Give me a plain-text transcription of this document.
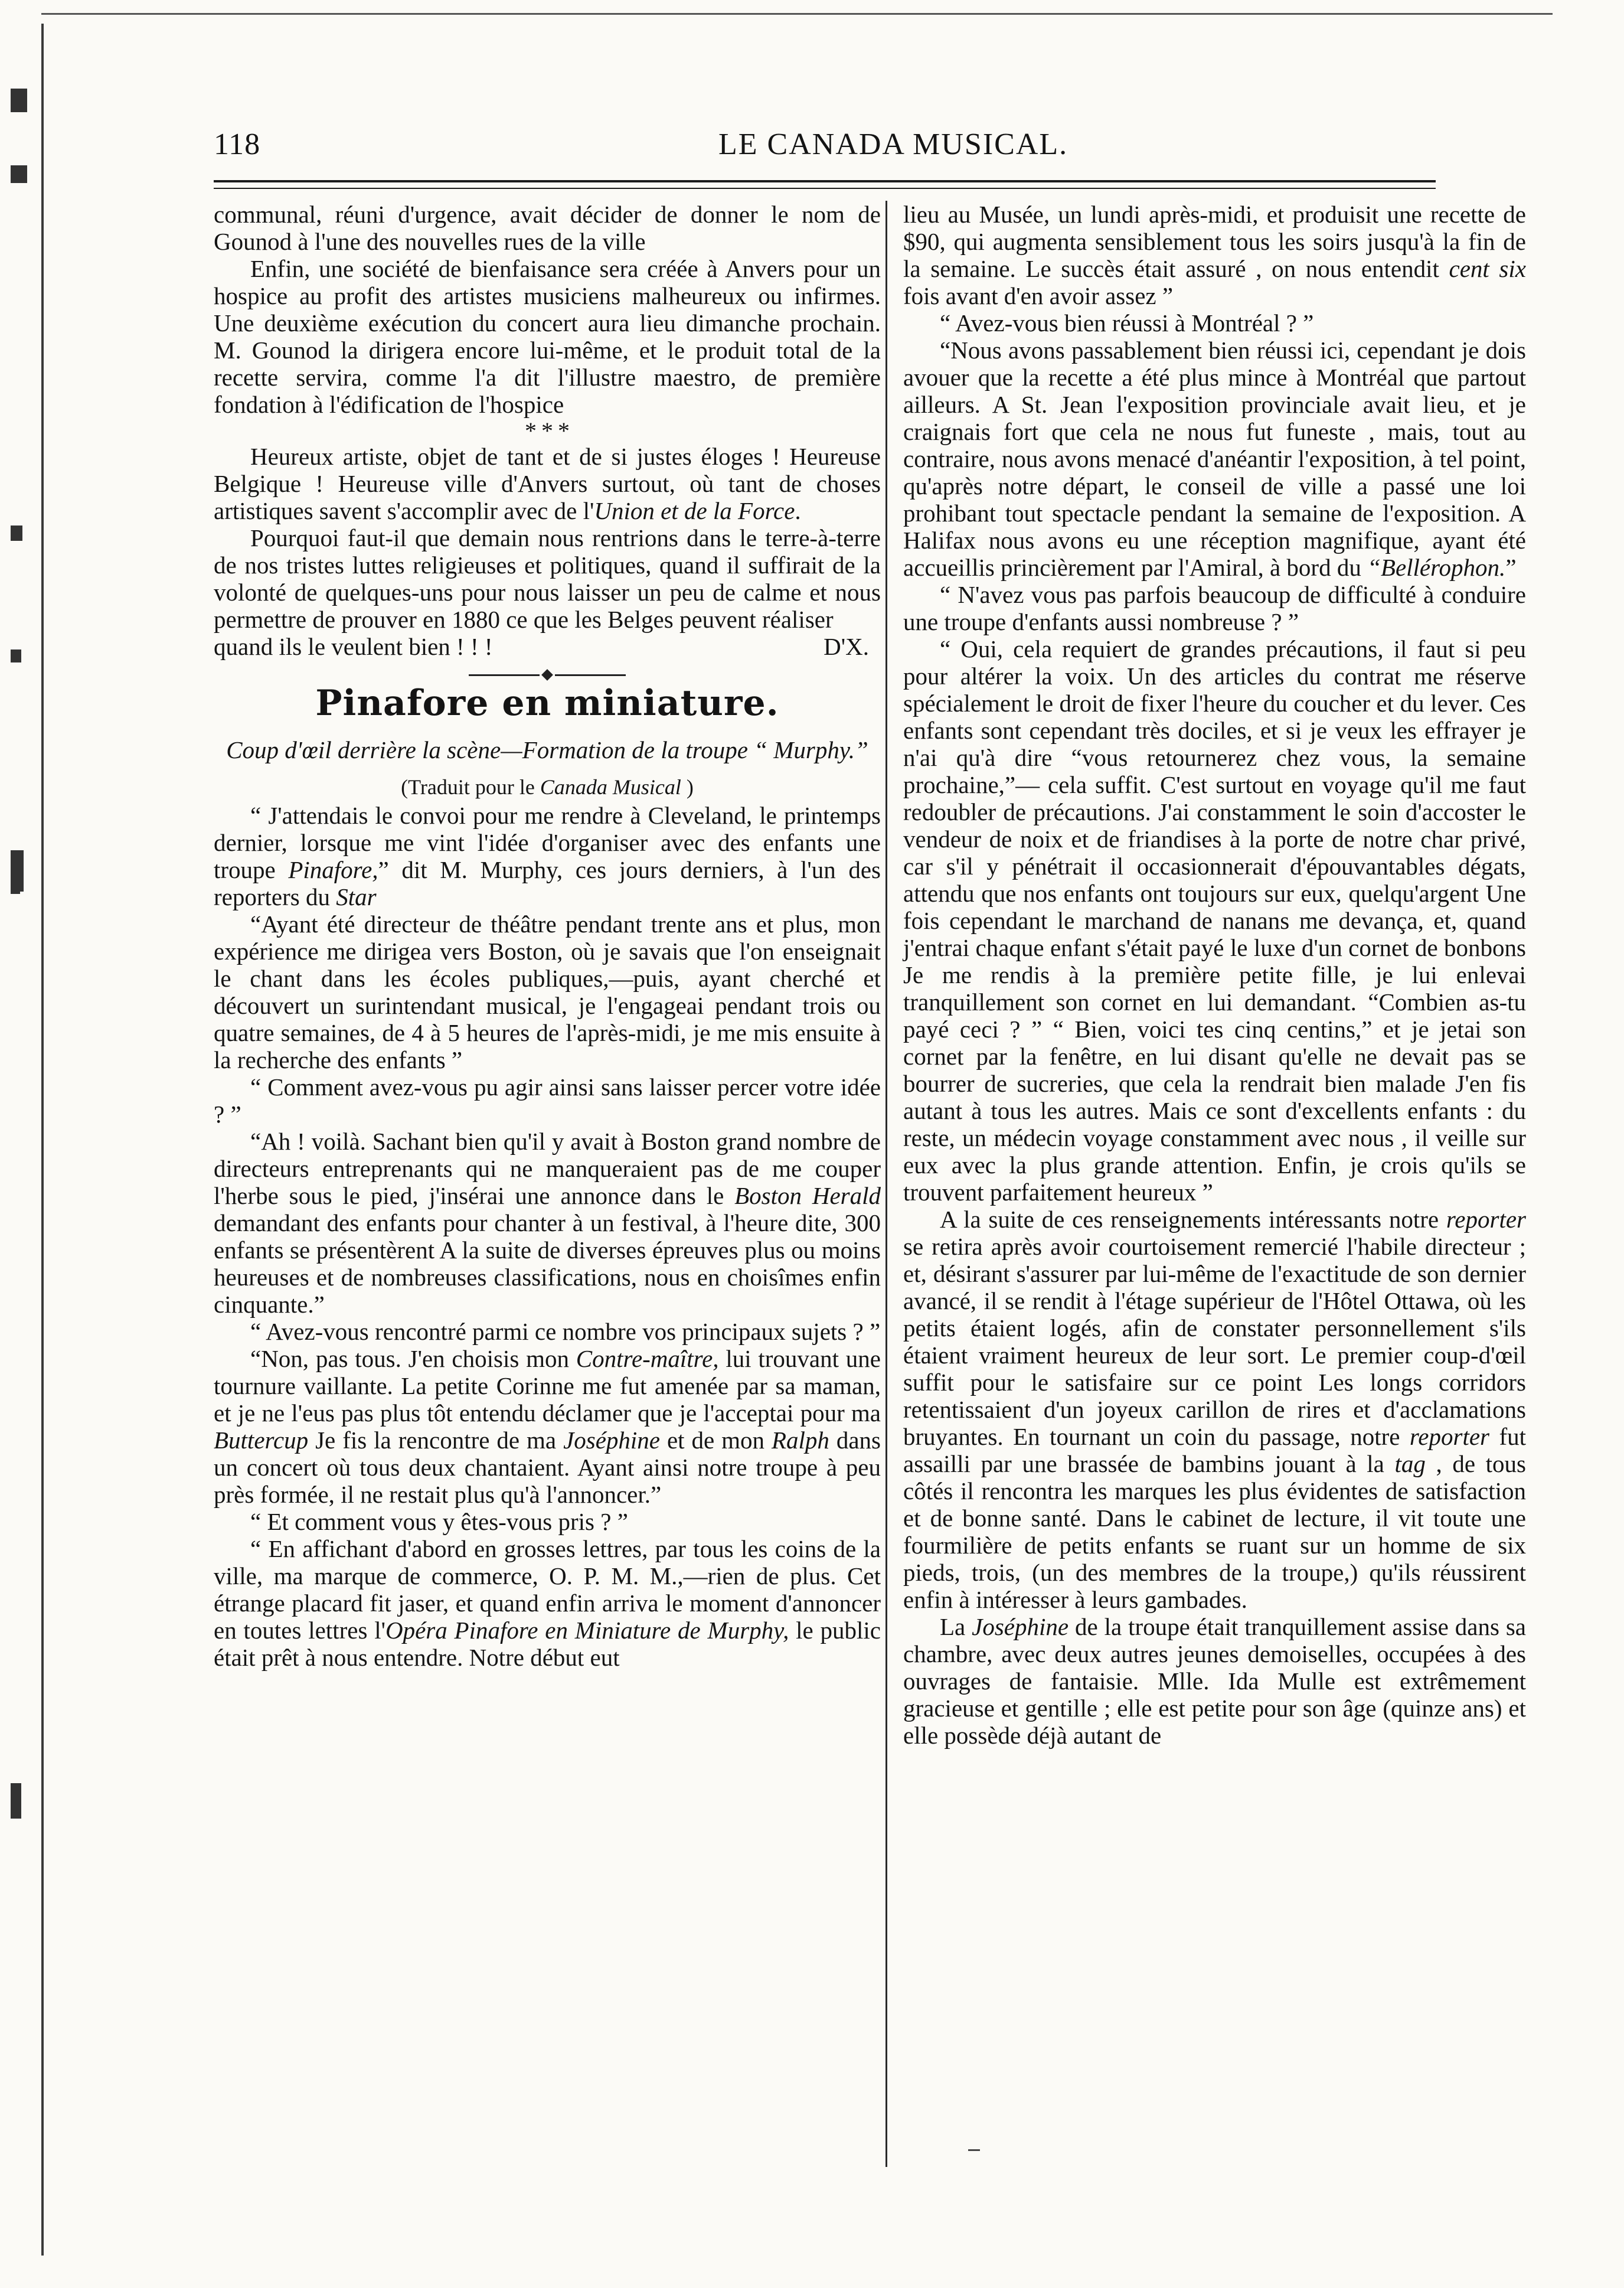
118	LE CANADA MUSICAL.

communal, réuni d'urgence, avait décider de donner le nom de Gounod à l'une des nouvelles rues de la ville

Enfin, une société de bienfaisance sera créée à Anvers pour un hospice au profit des artistes musiciens malheureux ou infirmes. Une deuxième exécution du concert aura lieu dimanche prochain. M. Gounod la dirigera encore lui-même, et le produit total de la recette servira, comme l'a dit l'illustre maestro, de première fondation à l'édification de l'hospice

* * *

Heureux artiste, objet de tant et de si justes éloges ! Heureuse Belgique ! Heureuse ville d'Anvers surtout, où tant de choses artistiques savent s'accomplir avec de l'Union et de la Force.

Pourquoi faut-il que demain nous rentrions dans le terre-à-terre de nos tristes luttes religieuses et politiques, quand il suffirait de la volonté de quelques-uns pour nous laisser un peu de calme et nous permettre de prouver en 1880 ce que les Belges peuvent réaliser

quand ils le veulent bien ! ! !	D'X.
Pinafore en miniature.
Coup d'œil derrière la scène—Formation de la troupe “ Murphy.”
(Traduit pour le Canada Musical )

“ J'attendais le convoi pour me rendre à Cleveland, le printemps dernier, lorsque me vint l'idée d'organiser avec des enfants une troupe Pinafore,” dit M. Murphy, ces jours derniers, à l'un des reporters du Star

“Ayant été directeur de théâtre pendant trente ans et plus, mon expérience me dirigea vers Boston, où je savais que l'on enseignait le chant dans les écoles publiques,—puis, ayant cherché et découvert un surintendant musical, je l'engageai pendant trois ou quatre semaines, de 4 à 5 heures de l'après-midi, je me mis ensuite à la recherche des enfants ”

“ Comment avez-vous pu agir ainsi sans laisser percer votre idée ? ”

“Ah ! voilà. Sachant bien qu'il y avait à Boston grand nombre de directeurs entreprenants qui ne manqueraient pas de me couper l'herbe sous le pied, j'insérai une annonce dans le Boston Herald demandant des enfants pour chanter à un festival, à l'heure dite, 300 enfants se présentèrent A la suite de diverses épreuves plus ou moins heureuses et de nombreuses classifications, nous en choisîmes enfin cinquante.”

“ Avez-vous rencontré parmi ce nombre vos principaux sujets ? ”

“Non, pas tous. J'en choisis mon Contre-maître, lui trouvant une tournure vaillante. La petite Corinne me fut amenée par sa maman, et je ne l'eus pas plus tôt entendu déclamer que je l'acceptai pour ma Buttercup Je fis la rencontre de ma Joséphine et de mon Ralph dans un concert où tous deux chantaient. Ayant ainsi notre troupe à peu près formée, il ne restait plus qu'à l'annoncer.”

“ Et comment vous y êtes-vous pris ? ”

“ En affichant d'abord en grosses lettres, par tous les coins de la ville, ma marque de commerce, O. P. M. M.,—rien de plus. Cet étrange placard fit jaser, et quand enfin arriva le moment d'annoncer en toutes lettres l'Opéra Pinafore en Miniature de Murphy, le public était prêt à nous entendre. Notre début eut

lieu au Musée, un lundi après-midi, et produisit une recette de $90, qui augmenta sensiblement tous les soirs jusqu'à la fin de la semaine. Le succès était assuré , on nous entendit cent six fois avant d'en avoir assez ”

“ Avez-vous bien réussi à Montréal ? ”

“Nous avons passablement bien réussi ici, cependant je dois avouer que la recette a été plus mince à Montréal que partout ailleurs. A St. Jean l'exposition provinciale avait lieu, et je craignais fort que cela ne nous fut funeste , mais, tout au contraire, nous avons menacé d'anéantir l'exposition, à tel point, qu'après notre départ, le conseil de ville a passé une loi prohibant tout spectacle pendant la semaine de l'exposition. A Halifax nous avons eu une réception magnifique, ayant été accueillis princièrement par l'Amiral, à bord du “Bellérophon.”

“ N'avez vous pas parfois beaucoup de difficulté à conduire une troupe d'enfants aussi nombreuse ? ”

“ Oui, cela requiert de grandes précautions, il faut si peu pour altérer la voix. Un des articles du contrat me réserve spécialement le droit de fixer l'heure du coucher et du lever. Ces enfants sont cependant très dociles, et si je veux les effrayer je n'ai qu'à dire “vous retournerez chez vous, la semaine prochaine,”— cela suffit. C'est surtout en voyage qu'il me faut redoubler de précautions. J'ai constamment le soin d'accoster le vendeur de noix et de friandises à la porte de notre char privé, car s'il y pénétrait il occasionnerait d'épouvantables dégats, attendu que nos enfants ont toujours sur eux, quelqu'argent Une fois cependant le marchand de nanans me devança, et, quand j'entrai chaque enfant s'était payé le luxe d'un cornet de bonbons Je me rendis à la première petite fille, je lui enlevai tranquillement son cornet en lui demandant. “Combien as-tu payé ceci ? ” “ Bien, voici tes cinq centins,” et je jetai son cornet par la fenêtre, en lui disant qu'elle ne devait pas se bourrer de sucreries, que cela la rendrait bien malade J'en fis autant à tous les autres. Mais ce sont d'excellents enfants : du reste, un médecin voyage constamment avec nous , il veille sur eux avec la plus grande attention. Enfin, je crois qu'ils se trouvent parfaitement heureux ”

A la suite de ces renseignements intéressants notre reporter se retira après avoir courtoisement remercié l'habile directeur ; et, désirant s'assurer par lui-même de l'exactitude de son dernier avancé, il se rendit à l'étage supérieur de l'Hôtel Ottawa, où les petits étaient logés, afin de constater personnellement s'ils étaient vraiment heureux de leur sort. Le premier coup-d'œil suffit pour le satisfaire sur ce point Les longs corridors retentissaient d'un joyeux carillon de rires et d'acclamations bruyantes. En tournant un coin du passage, notre reporter fut assailli par une brassée de bambins jouant à la tag , de tous côtés il rencontra les marques les plus évidentes de satisfaction et de bonne santé. Dans le cabinet de lecture, il vit toute une fourmilière de petits enfants se ruant sur un homme de six pieds, trois, (un des membres de la troupe,) qu'ils réussirent enfin à intéresser à leurs gambades.

La Joséphine de la troupe était tranquillement assise dans sa chambre, avec deux autres jeunes demoiselles, occupées à des ouvrages de fantaisie. Mlle. Ida Mulle est extrêmement gracieuse et gentille ; elle est petite pour son âge (quinze ans) et elle possède déjà autant de
